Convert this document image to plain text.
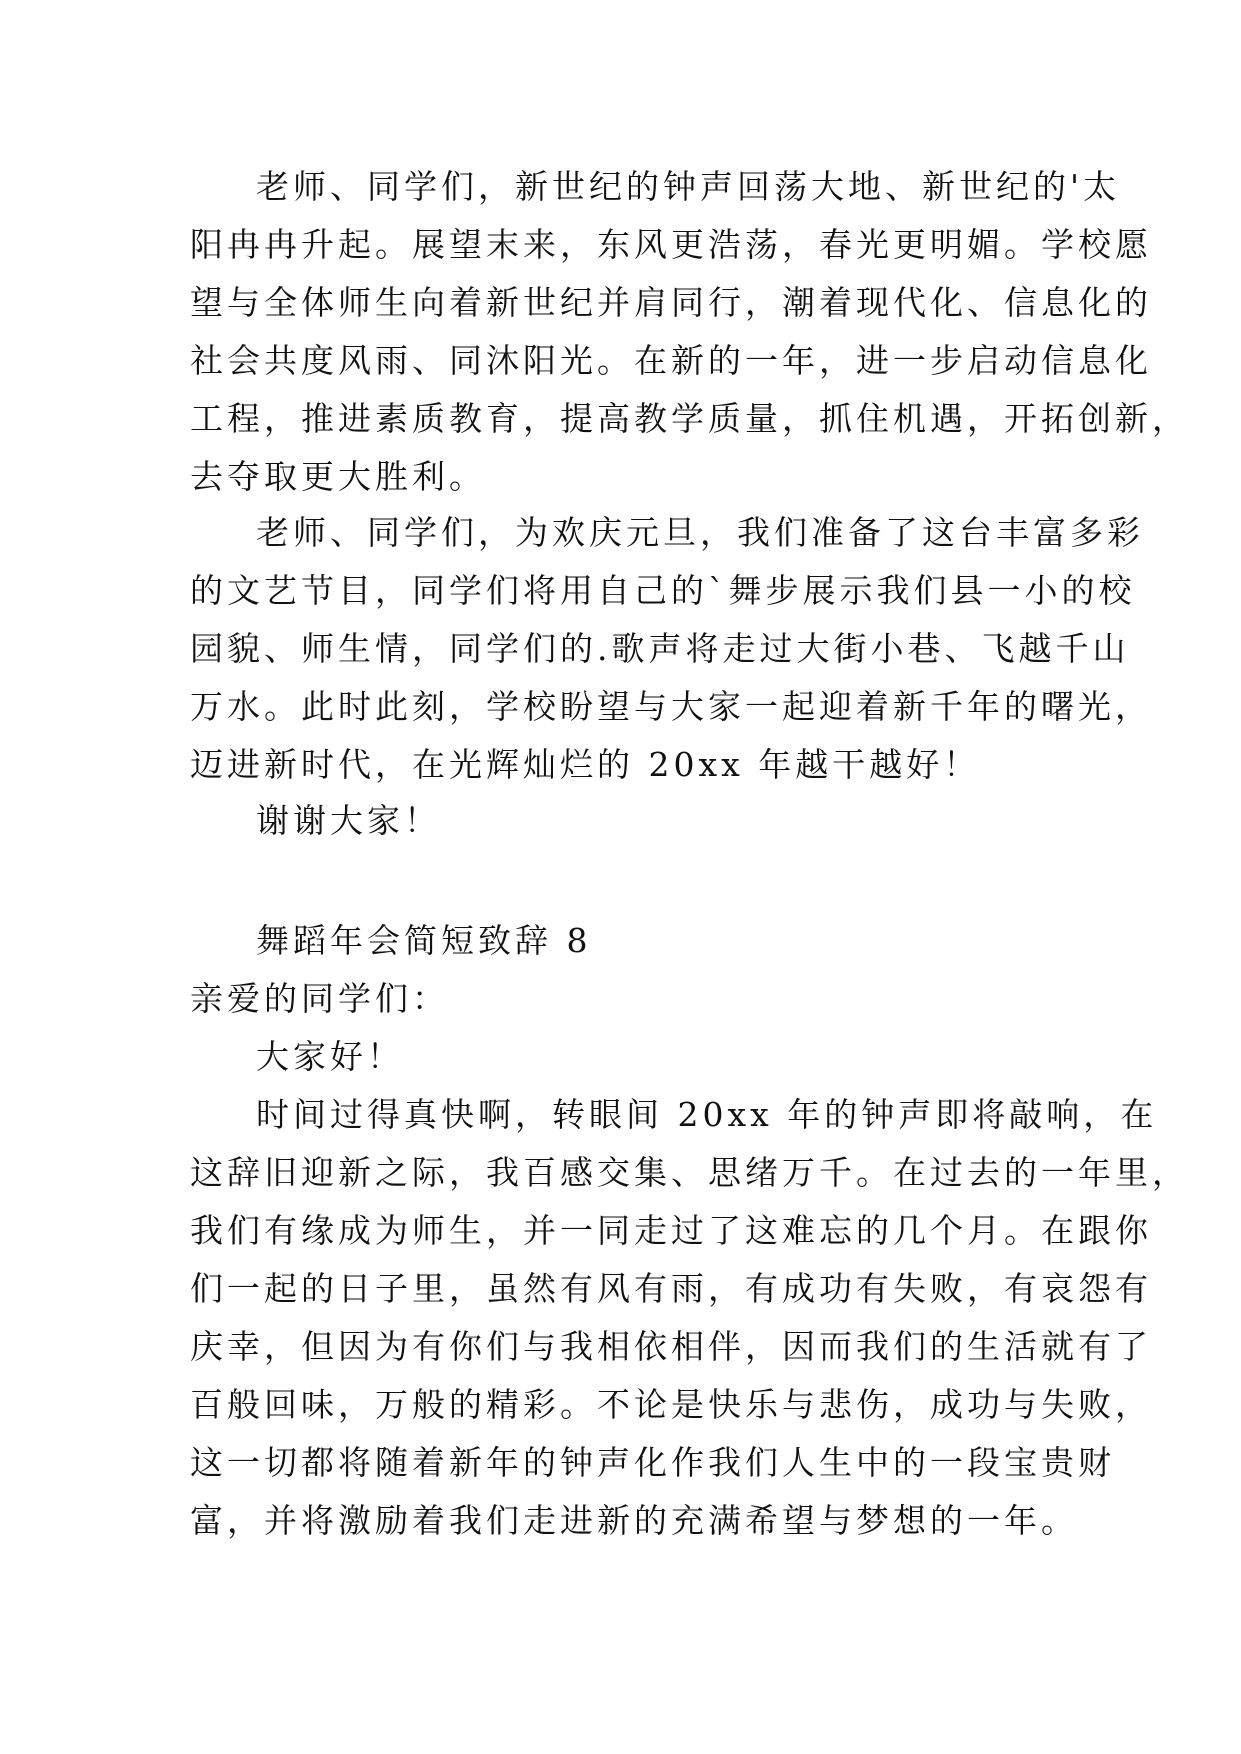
老师、同学们，新世纪的钟声回荡大地、新世纪的'太
阳冉冉升起。展望末来，东风更浩荡，春光更明媚。学校愿
望与全体师生向着新世纪并肩同行，潮着现代化、信息化的
社会共度风雨、同沐阳光。在新的一年，进一步启动信息化
工程，推进素质教育，提高教学质量，抓住机遇，开拓创新，
去夺取更大胜利。
老师、同学们，为欢庆元旦，我们准备了这台丰富多彩
的文艺节目，同学们将用自己的`舞步展示我们县一小的校
园貌、师生情，同学们的.歌声将走过大街小巷、飞越千山
万水。此时此刻，学校盼望与大家一起迎着新千年的曙光，
迈进新时代，在光辉灿烂的 20xx 年越干越好！
谢谢大家！
舞蹈年会简短致辞 8
亲爱的同学们：
大家好！
时间过得真快啊，转眼间 20xx 年的钟声即将敲响，在
这辞旧迎新之际，我百感交集、思绪万千。在过去的一年里，
我们有缘成为师生，并一同走过了这难忘的几个月。在跟你
们一起的日子里，虽然有风有雨，有成功有失败，有哀怨有
庆幸，但因为有你们与我相依相伴，因而我们的生活就有了
百般回味，万般的精彩。不论是快乐与悲伤，成功与失败，
这一切都将随着新年的钟声化作我们人生中的一段宝贵财
富，并将激励着我们走进新的充满希望与梦想的一年。
